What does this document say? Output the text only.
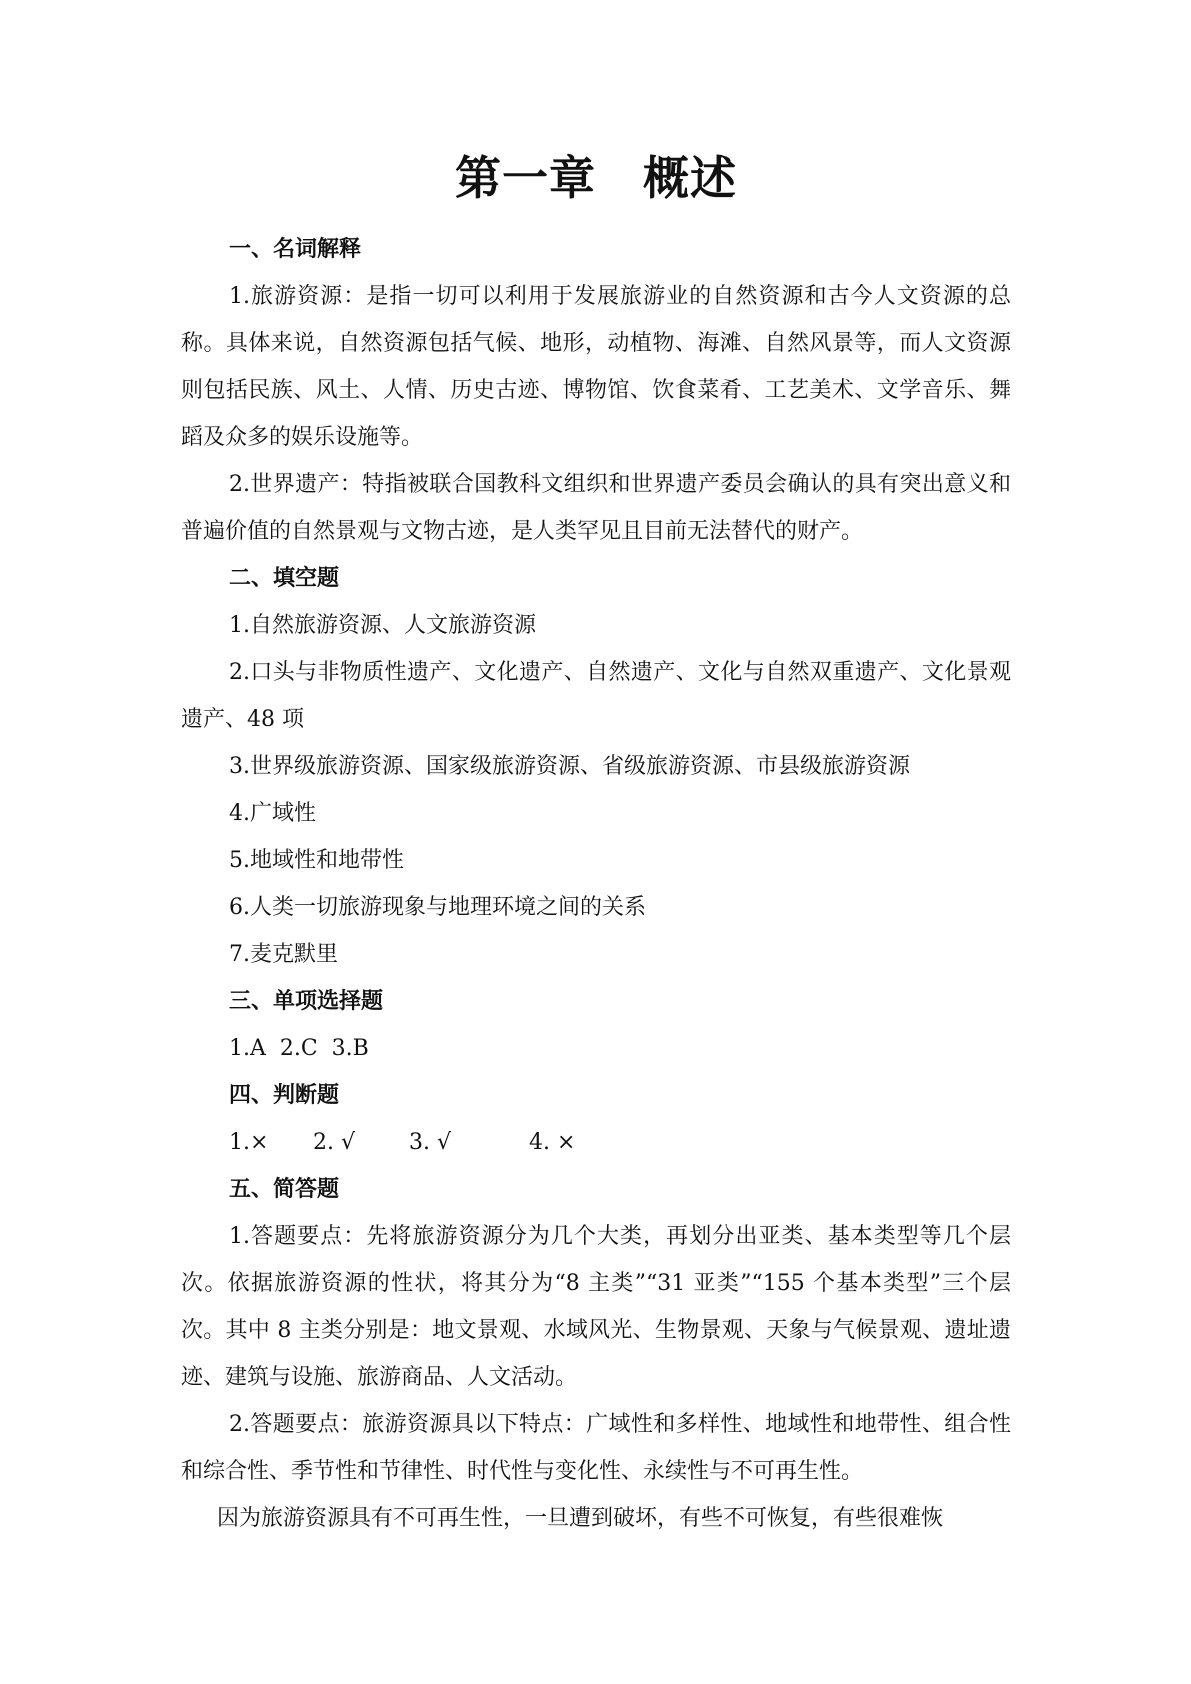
第一章　概述
一、名词解释

1.旅游资源：是指一切可以利用于发展旅游业的自然资源和古今人文资源的总称。具体来说，自然资源包括气候、地形，动植物、海滩、自然风景等，而人文资源则包括民族、风土、人情、历史古迹、博物馆、饮食菜肴、工艺美术、文学音乐、舞蹈及众多的娱乐设施等。

2.世界遗产：特指被联合国教科文组织和世界遗产委员会确认的具有突出意义和普遍价值的自然景观与文物古迹，是人类罕见且目前无法替代的财产。

二、填空题

1.自然旅游资源、人文旅游资源

2.口头与非物质性遗产、文化遗产、自然遗产、文化与自然双重遗产、文化景观遗产、48 项

3.世界级旅游资源、国家级旅游资源、省级旅游资源、市县级旅游资源

4.广域性

5.地域性和地带性

6.人类一切旅游现象与地理环境之间的关系

7.麦克默里

三、单项选择题
1.A  2.C  3.B
四、判断题
1.×	2. √	3. √	4. ×
五、简答题

1.答题要点：先将旅游资源分为几个大类，再划分出亚类、基本类型等几个层次。依据旅游资源的性状，将其分为“8 主类”“31 亚类”“155 个基本类型”三个层次。其中 8 主类分别是：地文景观、水域风光、生物景观、天象与气候景观、遗址遗迹、建筑与设施、旅游商品、人文活动。

2.答题要点：旅游资源具以下特点：广域性和多样性、地域性和地带性、组合性和综合性、季节性和节律性、时代性与变化性、永续性与不可再生性。

因为旅游资源具有不可再生性，一旦遭到破坏，有些不可恢复，有些很难恢
